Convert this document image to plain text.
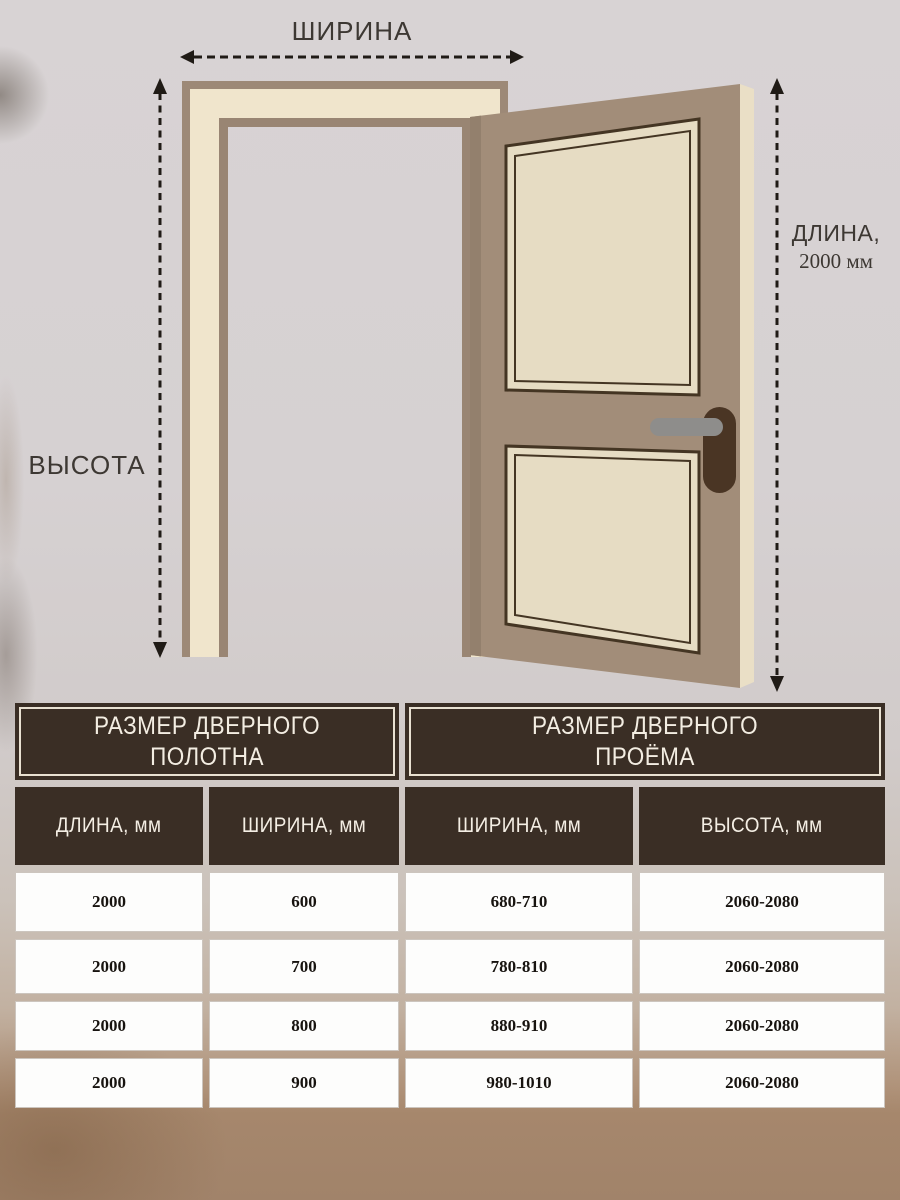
ШИРИНА
ВЫСОТА
ДЛИНА,
2000 мм
РАЗМЕР ДВЕРНОГО ПОЛОТНА
РАЗМЕР ДВЕРНОГО ПРОЁМА
ДЛИНА, мм	ШИРИНА, мм	ШИРИНА, мм	ВЫСОТА, мм
2000	600	680-710	2060-2080
2000	700	780-810	2060-2080
2000	800	880-910	2060-2080
2000	900	980-1010	2060-2080
